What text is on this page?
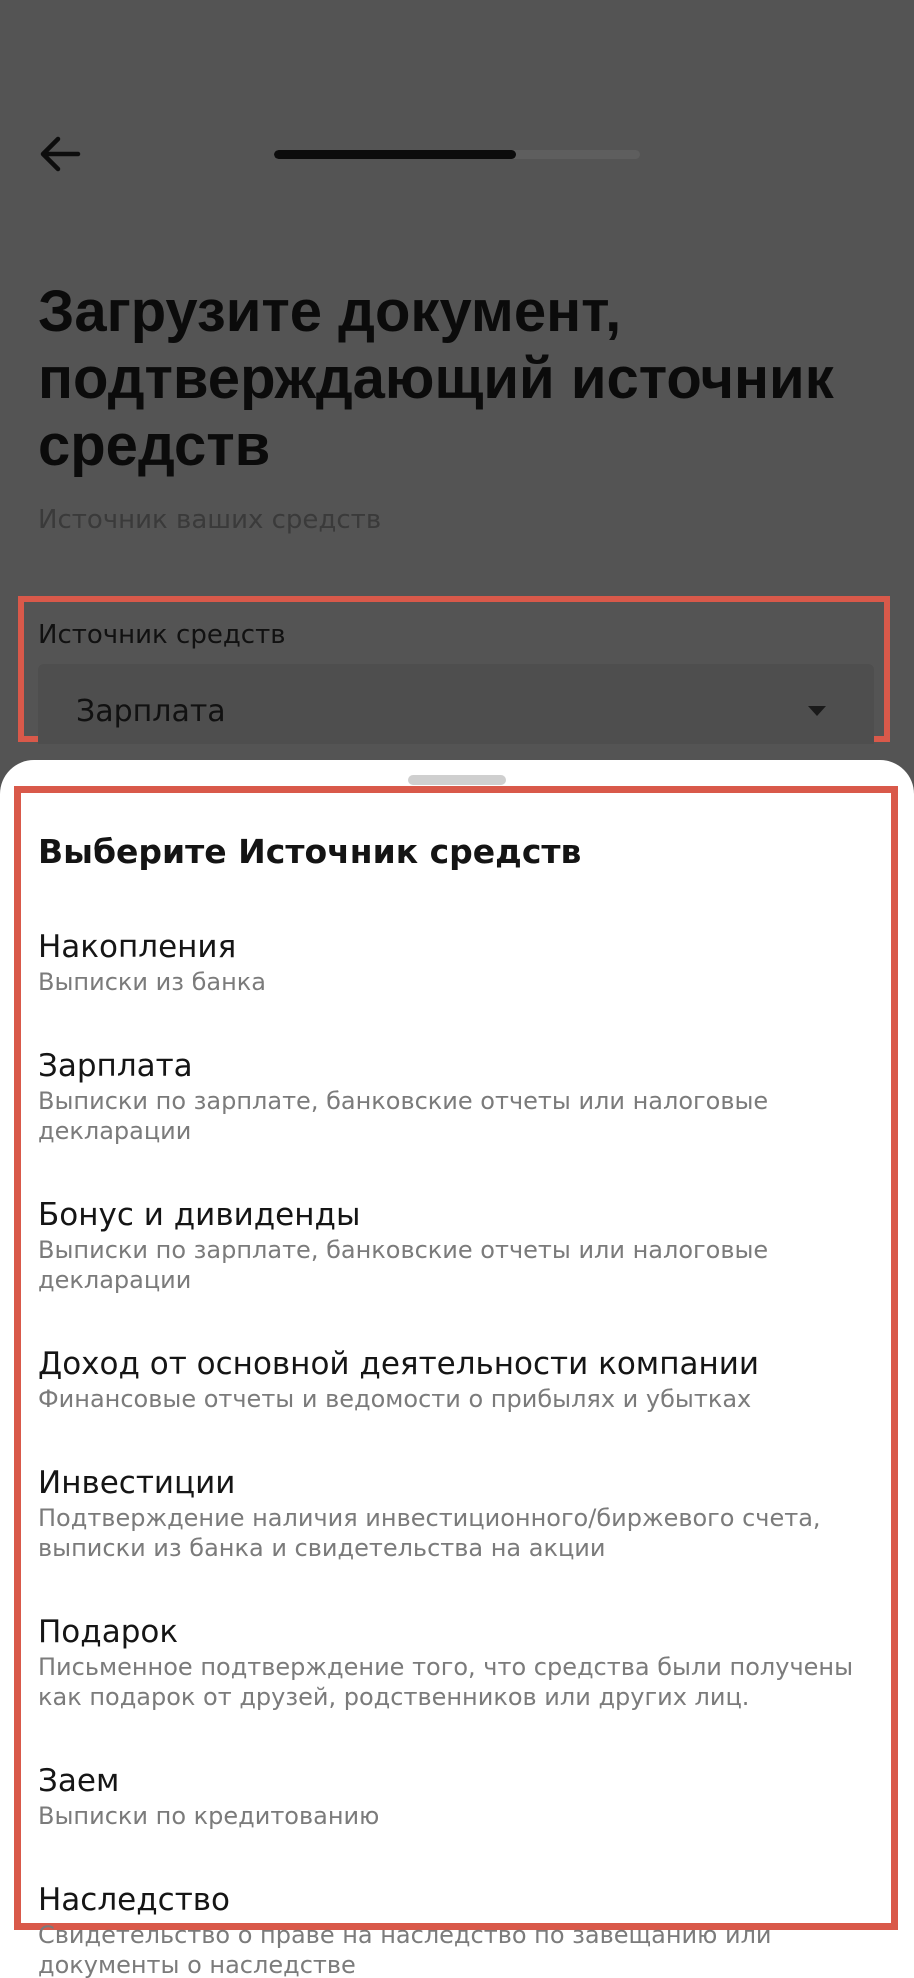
Загрузите документ, подтверждающий источник средств
Источник ваших средств
Источник средств
Зарплата
Выберите Источник средств
Накопления
Выписки из банка
Зарплата
Выписки по зарплате, банковские отчеты или налоговые декларации
Бонус и дивиденды
Выписки по зарплате, банковские отчеты или налоговые декларации
Доход от основной деятельности компании
Финансовые отчеты и ведомости о прибылях и убытках
Инвестиции
Подтверждение наличия инвестиционного/биржевого счета, выписки из банка и свидетельства на акции
Подарок
Письменное подтверждение того, что средства были получены как подарок от друзей, родственников или других лиц.
Заем
Выписки по кредитованию
Наследство
Свидетельство о праве на наследство по завещанию или документы о наследстве
